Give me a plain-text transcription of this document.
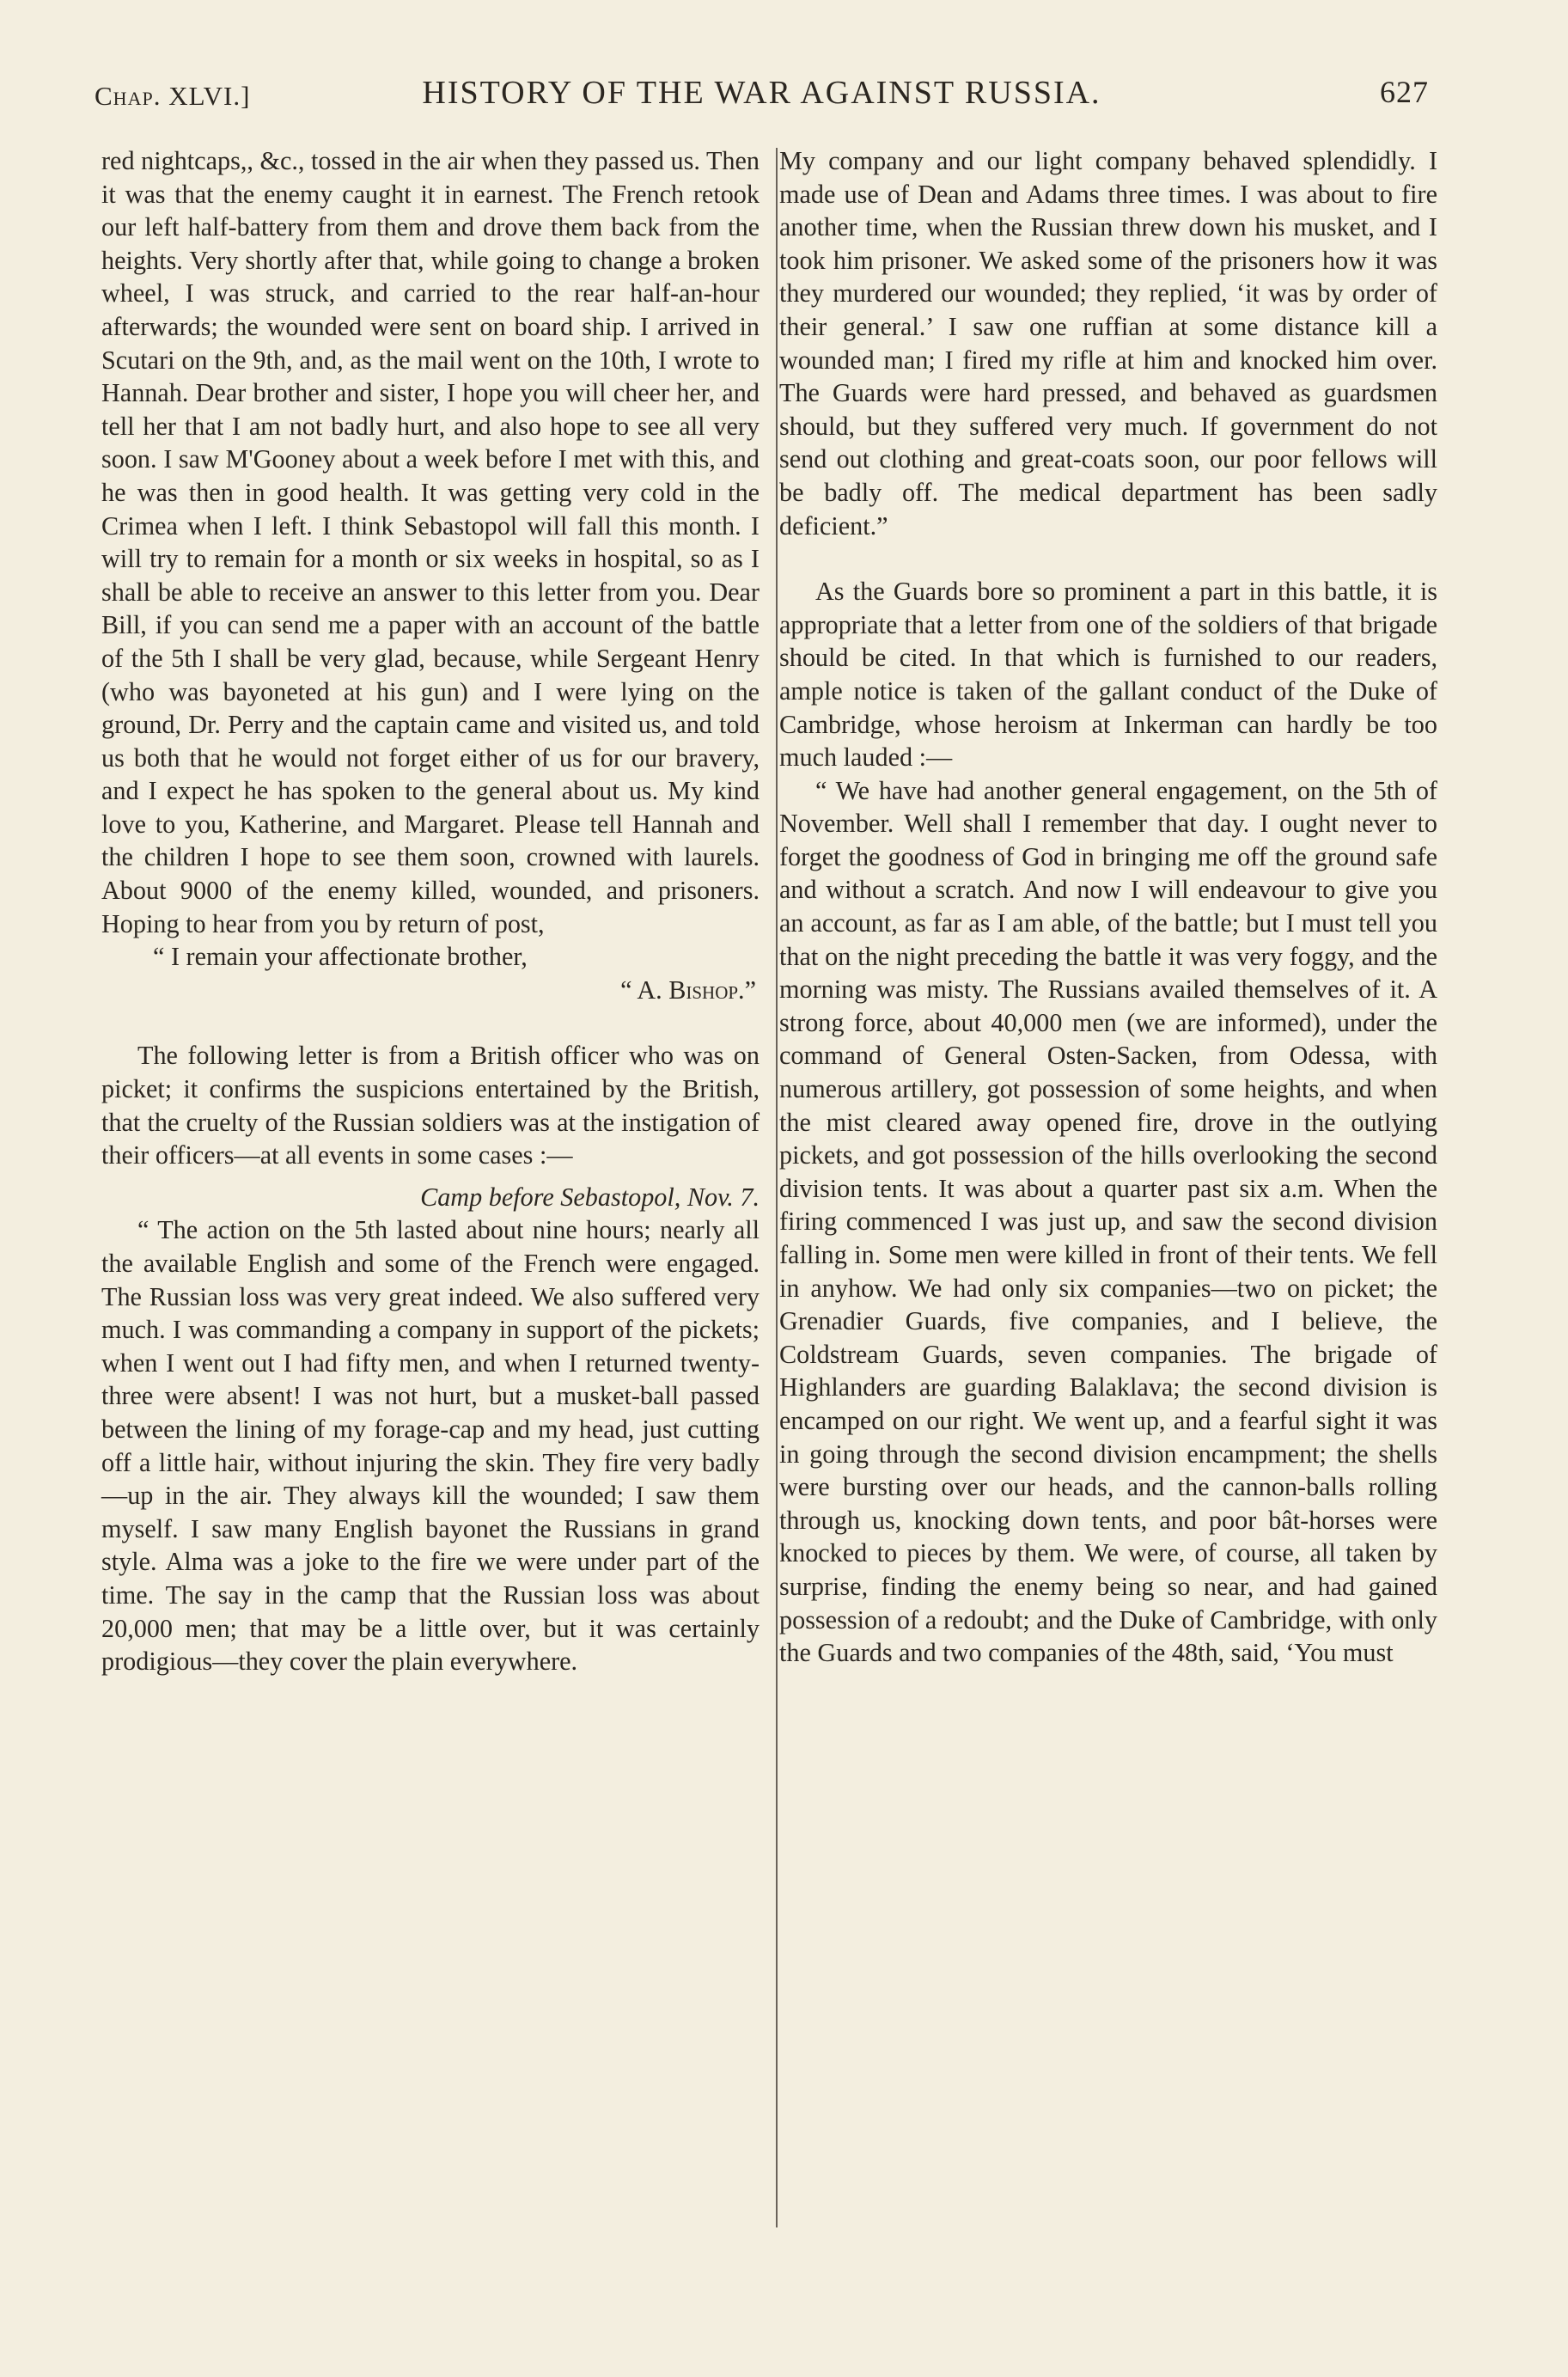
Chap. XLVI.]	HISTORY OF THE WAR AGAINST RUSSIA.	627

red nightcaps,, &c., tossed in the air when they passed us. Then it was that the enemy caught it in earnest. The French retook our left half-battery from them and drove them back from the heights. Very shortly after that, while going to change a broken wheel, I was struck, and carried to the rear half-an-hour afterwards; the wounded were sent on board ship. I arrived in Scutari on the 9th, and, as the mail went on the 10th, I wrote to Hannah. Dear brother and sister, I hope you will cheer her, and tell her that I am not badly hurt, and also hope to see all very soon. I saw M'Gooney about a week before I met with this, and he was then in good health. It was getting very cold in the Crimea when I left. I think Sebastopol will fall this month. I will try to remain for a month or six weeks in hospital, so as I shall be able to receive an answer to this letter from you. Dear Bill, if you can send me a paper with an account of the battle of the 5th I shall be very glad, because, while Sergeant Henry (who was bayoneted at his gun) and I were lying on the ground, Dr. Perry and the captain came and visited us, and told us both that he would not forget either of us for our bravery, and I expect he has spoken to the general about us. My kind love to you, Katherine, and Margaret. Please tell Hannah and the children I hope to see them soon, crowned with laurels. About 9000 of the enemy killed, wounded, and prisoners. Hoping to hear from you by return of post,

“ I remain your affectionate brother,

“ A. Bishop.”

The following letter is from a British officer who was on picket; it confirms the suspicions entertained by the British, that the cruelty of the Russian soldiers was at the instigation of their officers—at all events in some cases :—

Camp before Sebastopol, Nov. 7.

“ The action on the 5th lasted about nine hours; nearly all the available English and some of the French were engaged. The Russian loss was very great indeed. We also suffered very much. I was commanding a company in support of the pickets; when I went out I had fifty men, and when I returned twenty-three were absent! I was not hurt, but a musket-ball passed between the lining of my forage-cap and my head, just cutting off a little hair, without injuring the skin. They fire very badly—up in the air. They always kill the wounded; I saw them myself. I saw many English bayonet the Russians in grand style. Alma was a joke to the fire we were under part of the time. The say in the camp that the Russian loss was about 20,000 men; that may be a little over, but it was certainly prodigious—they cover the plain everywhere.

My company and our light company behaved splendidly. I made use of Dean and Adams three times. I was about to fire another time, when the Russian threw down his musket, and I took him prisoner. We asked some of the prisoners how it was they murdered our wounded; they replied, ‘it was by order of their general.’ I saw one ruffian at some distance kill a wounded man; I fired my rifle at him and knocked him over. The Guards were hard pressed, and behaved as guardsmen should, but they suffered very much. If government do not send out clothing and great-coats soon, our poor fellows will be badly off. The medical department has been sadly deficient.”

As the Guards bore so prominent a part in this battle, it is appropriate that a letter from one of the soldiers of that brigade should be cited. In that which is furnished to our readers, ample notice is taken of the gallant conduct of the Duke of Cambridge, whose heroism at Inkerman can hardly be too much lauded :—

“ We have had another general engagement, on the 5th of November. Well shall I remember that day. I ought never to forget the goodness of God in bringing me off the ground safe and without a scratch. And now I will endeavour to give you an account, as far as I am able, of the battle; but I must tell you that on the night preceding the battle it was very foggy, and the morning was misty. The Russians availed themselves of it. A strong force, about 40,000 men (we are informed), under the command of General Osten-Sacken, from Odessa, with numerous artillery, got possession of some heights, and when the mist cleared away opened fire, drove in the outlying pickets, and got possession of the hills overlooking the second division tents. It was about a quarter past six a.m. When the firing commenced I was just up, and saw the second division falling in. Some men were killed in front of their tents. We fell in anyhow. We had only six companies—two on picket; the Grenadier Guards, five companies, and I believe, the Coldstream Guards, seven companies. The brigade of Highlanders are guarding Balaklava; the second division is encamped on our right. We went up, and a fearful sight it was in going through the second division encampment; the shells were bursting over our heads, and the cannon-balls rolling through us, knocking down tents, and poor bât-horses were knocked to pieces by them. We were, of course, all taken by surprise, finding the enemy being so near, and had gained possession of a redoubt; and the Duke of Cambridge, with only the Guards and two companies of the 48th, said, ‘You must
